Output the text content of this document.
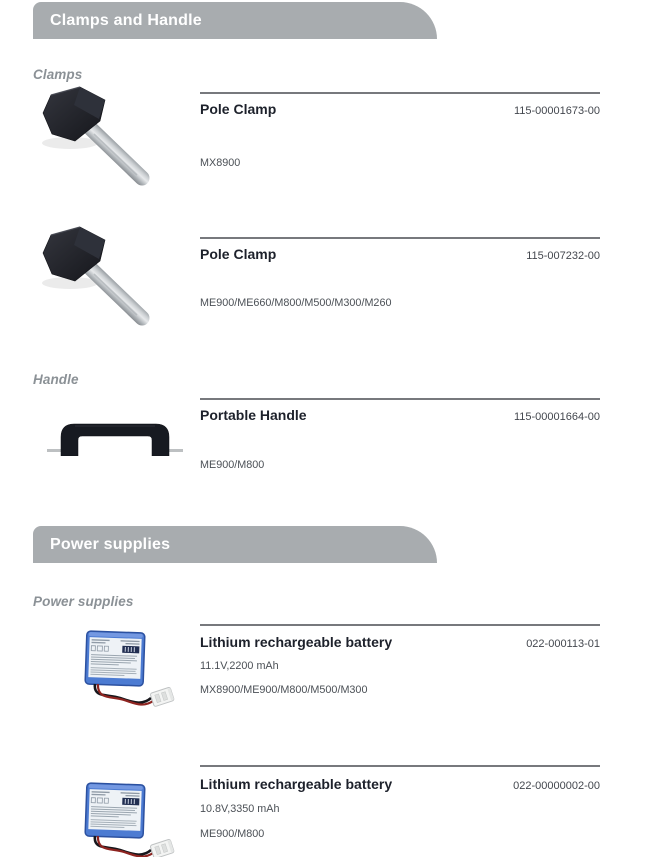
Clamps and Handle
Clamps
Pole Clamp	115-00001673-00
MX8900
Pole Clamp	115-007232-00
ME900/ME660/M800/M500/M300/M260
Handle
Portable Handle	115-00001664-00
ME900/M800
Power supplies
Power supplies
Lithium rechargeable battery	022-000113-01
11.1V,2200 mAh
MX8900/ME900/M800/M500/M300
Lithium rechargeable battery	022-00000002-00
10.8V,3350 mAh
ME900/M800
